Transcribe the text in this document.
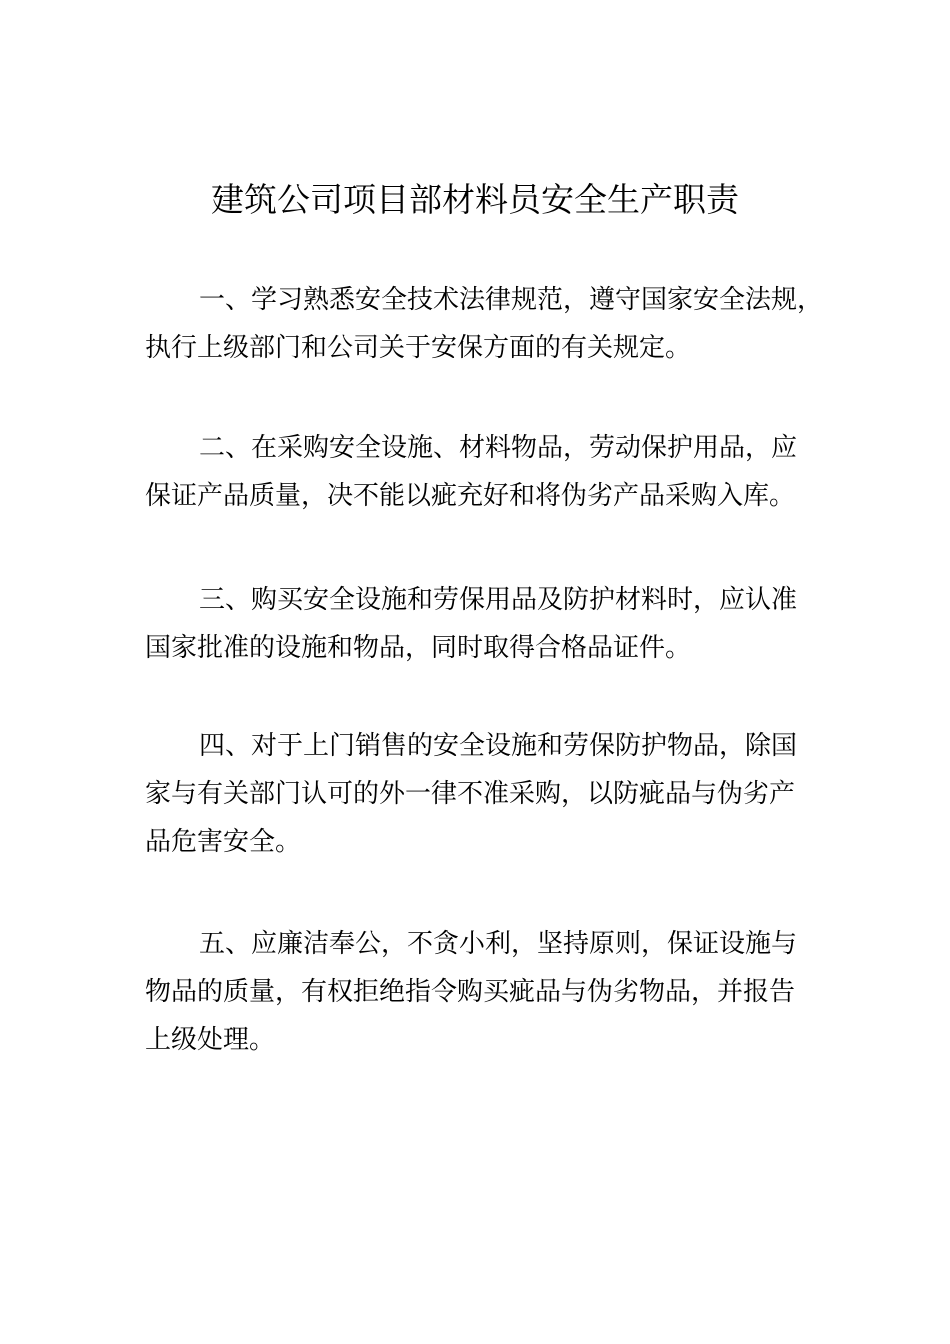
建筑公司项目部材料员安全生产职责
一、学习熟悉安全技术法律规范，遵守国家安全法规，
执行上级部门和公司关于安保方面的有关规定。
二、在采购安全设施、材料物品，劳动保护用品，应
保证产品质量，决不能以疵充好和将伪劣产品采购入库。
三、购买安全设施和劳保用品及防护材料时，应认准
国家批准的设施和物品，同时取得合格品证件。
四、对于上门销售的安全设施和劳保防护物品，除国
家与有关部门认可的外一律不准采购，以防疵品与伪劣产
品危害安全。
五、应廉洁奉公，不贪小利，坚持原则，保证设施与
物品的质量，有权拒绝指令购买疵品与伪劣物品，并报告
上级处理。
